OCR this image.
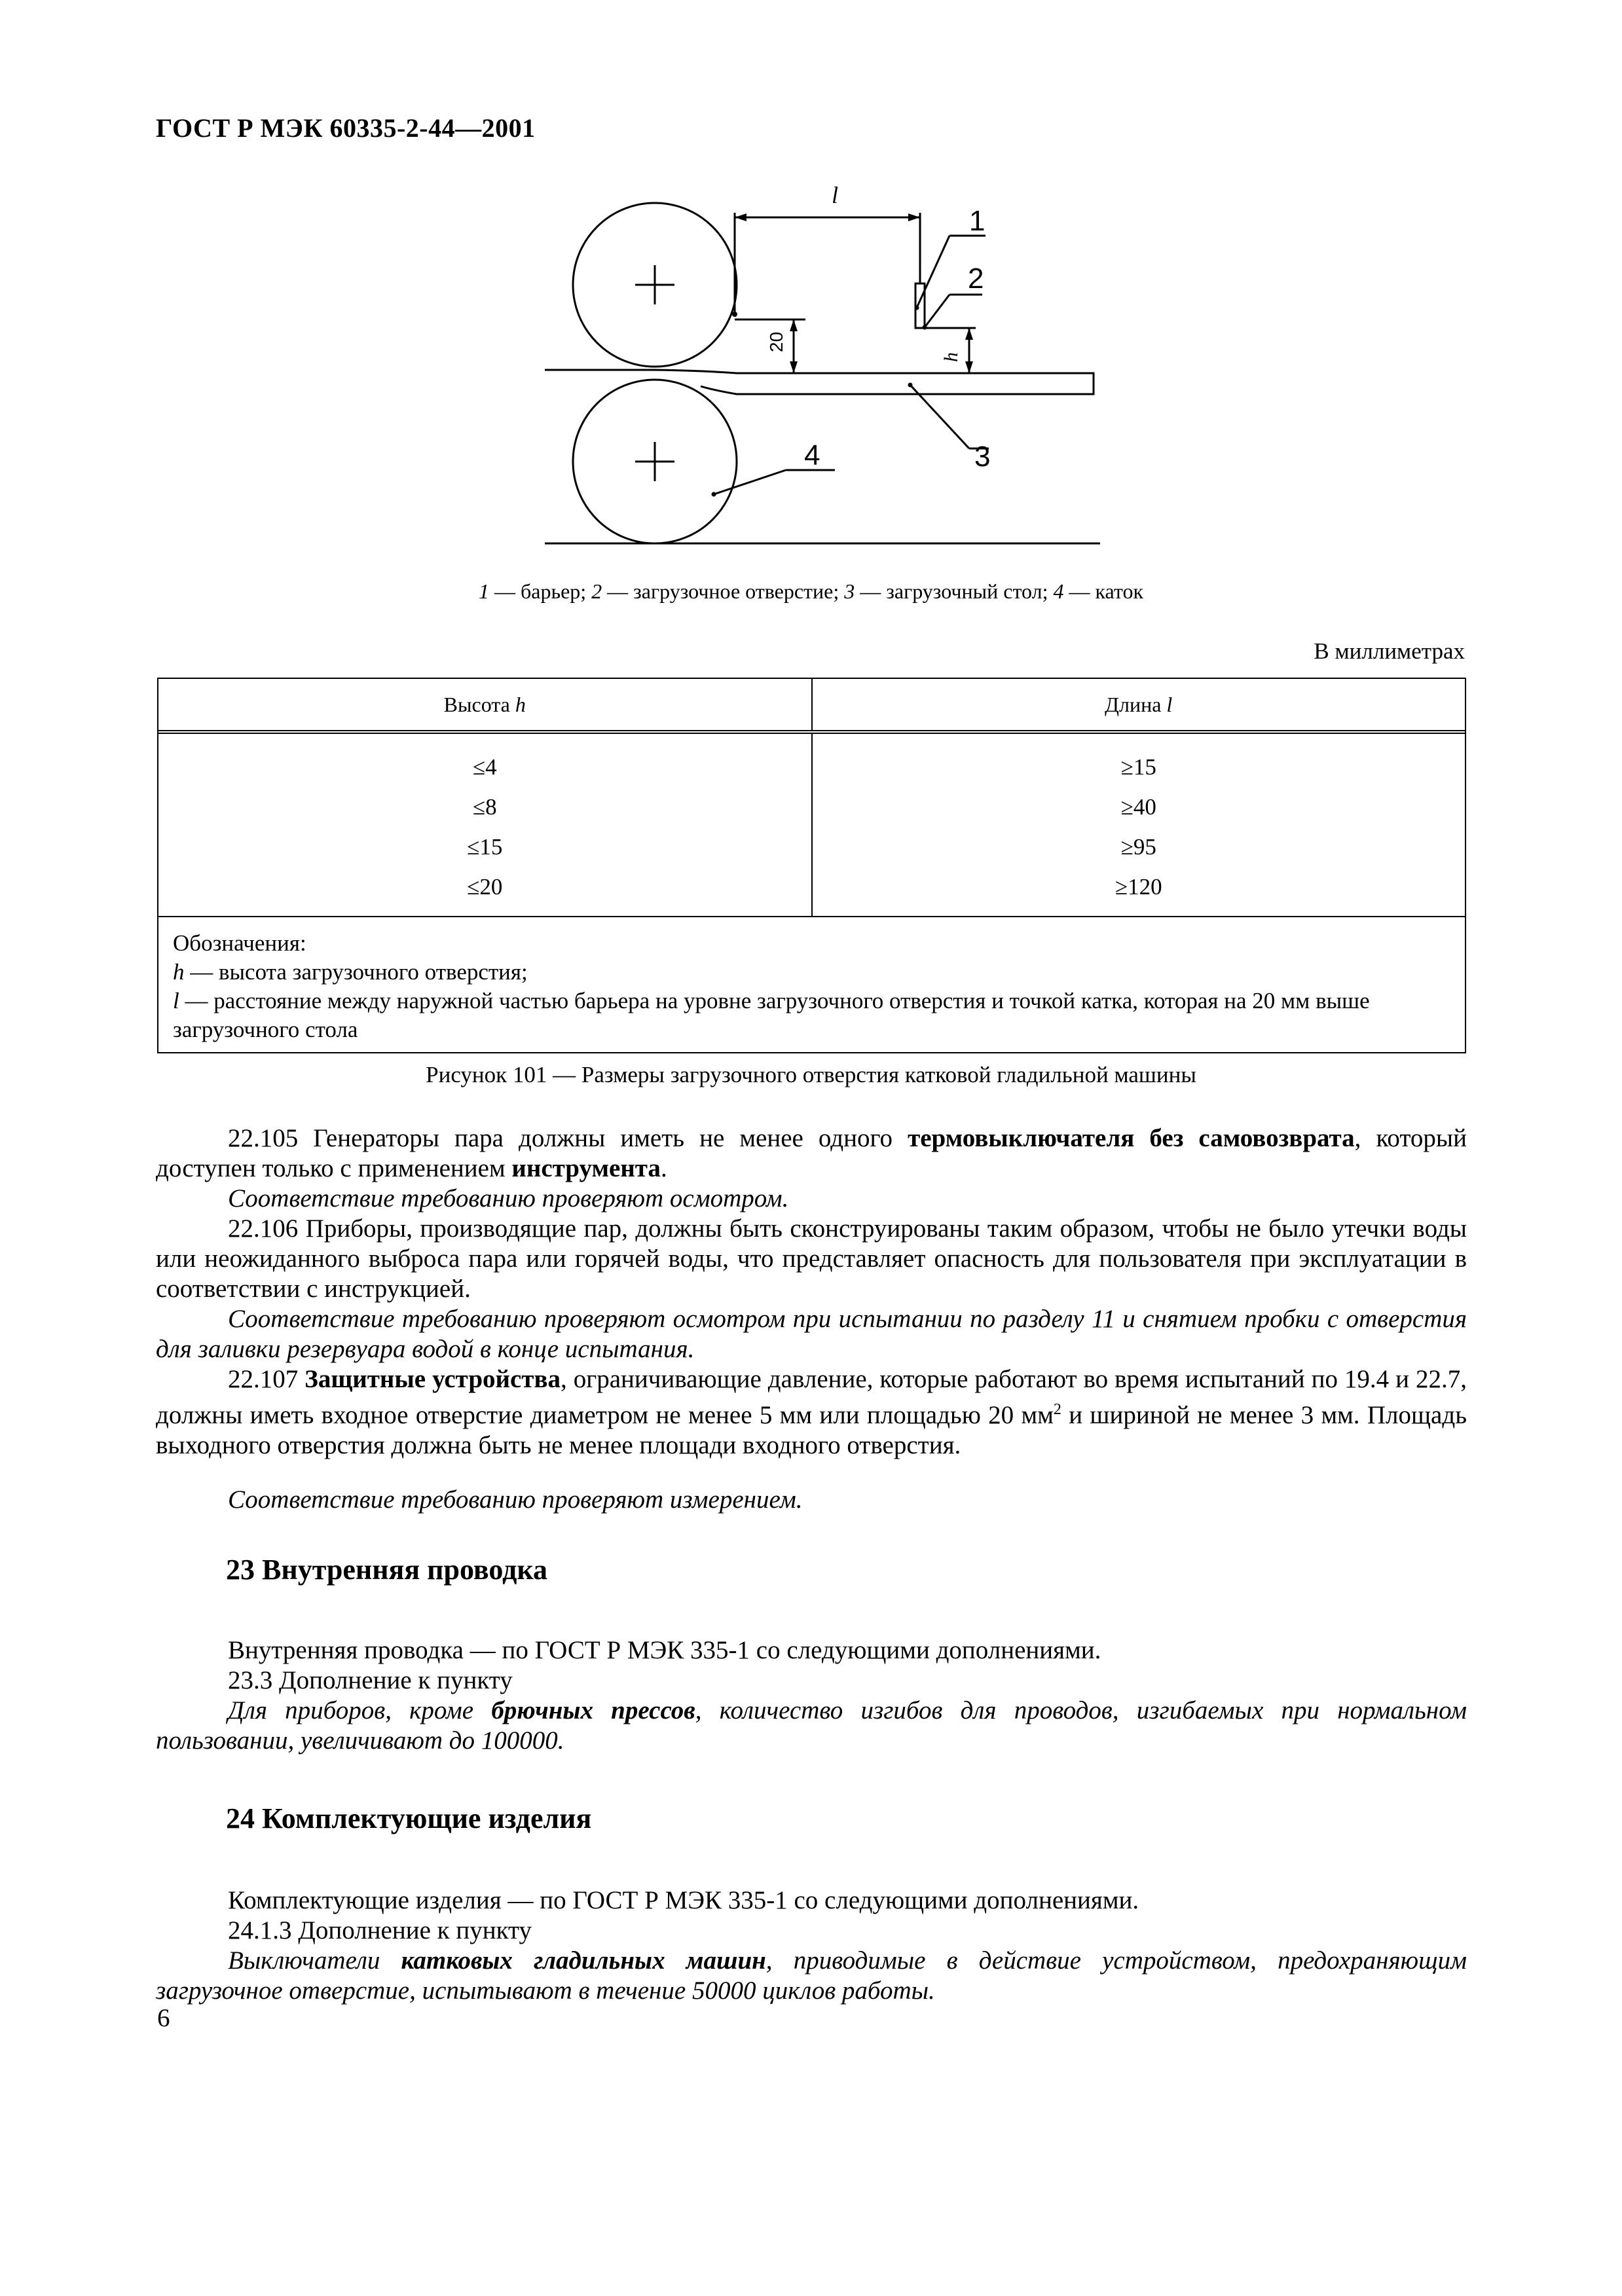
ГОСТ Р МЭК 60335-2-44—2001
l
20
h
1
2
3
4
1 — барьер; 2 — загрузочное отверстие; 3 — загрузочный стол; 4 — каток
В миллиметрах
Высота
h	Длина
l
≤4
≤8
≤15
≤20
≥15
≥40
≥95
≥120
Обозначения:
h — высота загрузочного отверстия;
l — расстояние между наружной частью барьера на уровне загрузочного отверстия и точкой катка, которая на 20 мм выше загрузочного стола
Рисунок 101 — Размеры загрузочного отверстия катковой гладильной машины
22.105 Генераторы пара должны иметь не менее одного термовыключателя без самовозврата, который доступен только с применением инструмента.
Соответствие требованию проверяют осмотром.
22.106 Приборы, производящие пар, должны быть сконструированы таким образом, чтобы не было утечки воды или неожиданного выброса пара или горячей воды, что представляет опасность для пользователя при эксплуатации в соответствии с инструкцией.
Соответствие требованию проверяют осмотром при испытании по разделу 11 и снятием пробки с отверстия для заливки резервуара водой в конце испытания.
22.107 Защитные устройства, ограничивающие давление, которые работают во время испытаний по 19.4 и 22.7, должны иметь входное отверстие диаметром не менее 5 мм или площадью 20 $мм^2$ и шириной не менее 3 мм. Площадь выходного отверстия должна быть не менее площади входного отверстия.
Соответствие требованию проверяют измерением.
23 Внутренняя проводка
Внутренняя проводка — по ГОСТ Р МЭК 335-1 со следующими дополнениями.
23.3 Дополнение к пункту
Для приборов, кроме брючных прессов, количество изгибов для проводов, изгибаемых при нормальном пользовании, увеличивают до 100000.
24 Комплектующие изделия
Комплектующие изделия — по ГОСТ Р МЭК 335-1 со следующими дополнениями.
24.1.3 Дополнение к пункту
Выключатели катковых гладильных машин, приводимые в действие устройством, предохраняющим загрузочное отверстие, испытывают в течение 50000 циклов работы.
6
